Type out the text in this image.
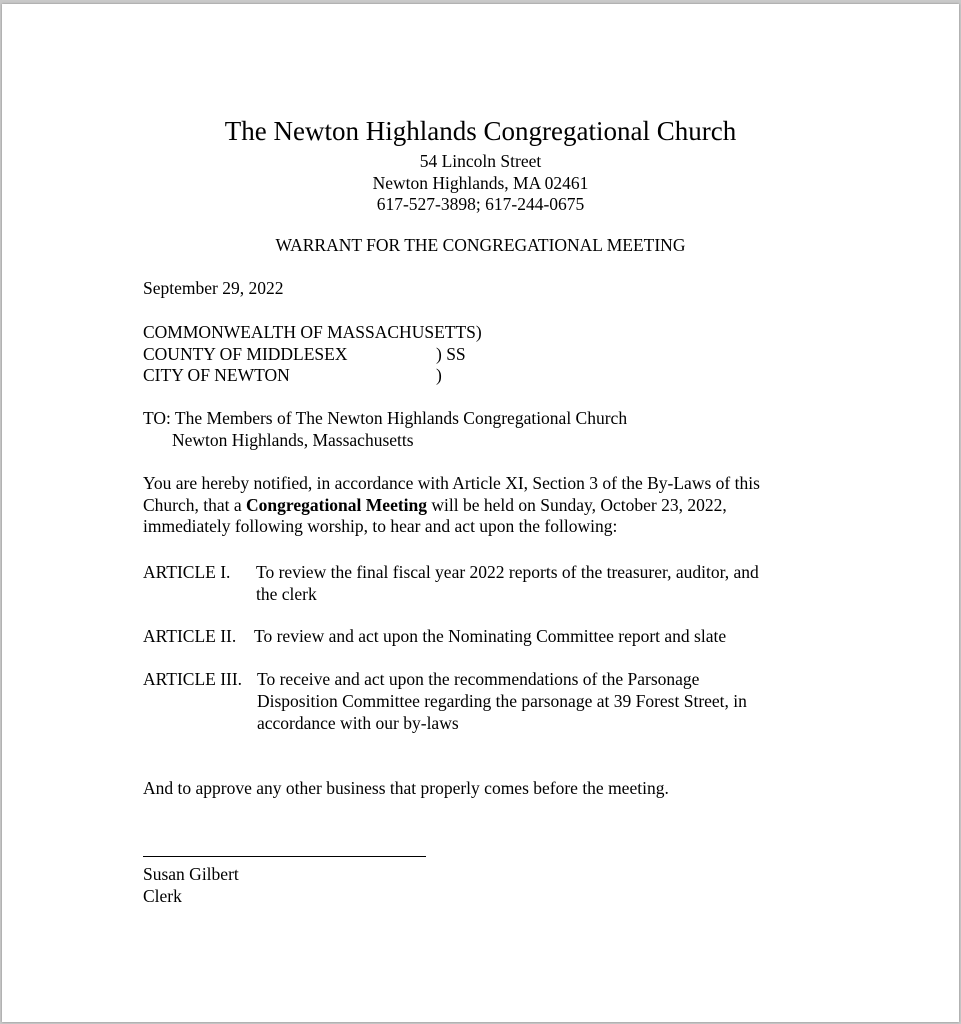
The Newton Highlands Congregational Church
54 Lincoln Street
Newton Highlands, MA 02461
617-527-3898; 617-244-0675
WARRANT FOR THE CONGREGATIONAL MEETING
September 29, 2022
COMMONWEALTH OF MASSACHUSETTS)
COUNTY OF MIDDLESEX	) SS
CITY OF NEWTON	)
TO: The Members of The Newton Highlands Congregational Church
Newton Highlands, Massachusetts
You are hereby notified, in accordance with Article XI, Section 3 of the By-Laws of this
Church, that a Congregational Meeting will be held on Sunday, October 23, 2022,
immediately following worship, to hear and act upon the following:
ARTICLE I. To review the final fiscal year 2022 reports of the treasurer, auditor, and
the clerk
ARTICLE II. To review and act upon the Nominating Committee report and slate
ARTICLE III. To receive and act upon the recommendations of the Parsonage
Disposition Committee regarding the parsonage at 39 Forest Street, in
accordance with our by-laws
And to approve any other business that properly comes before the meeting.
Susan Gilbert
Clerk
